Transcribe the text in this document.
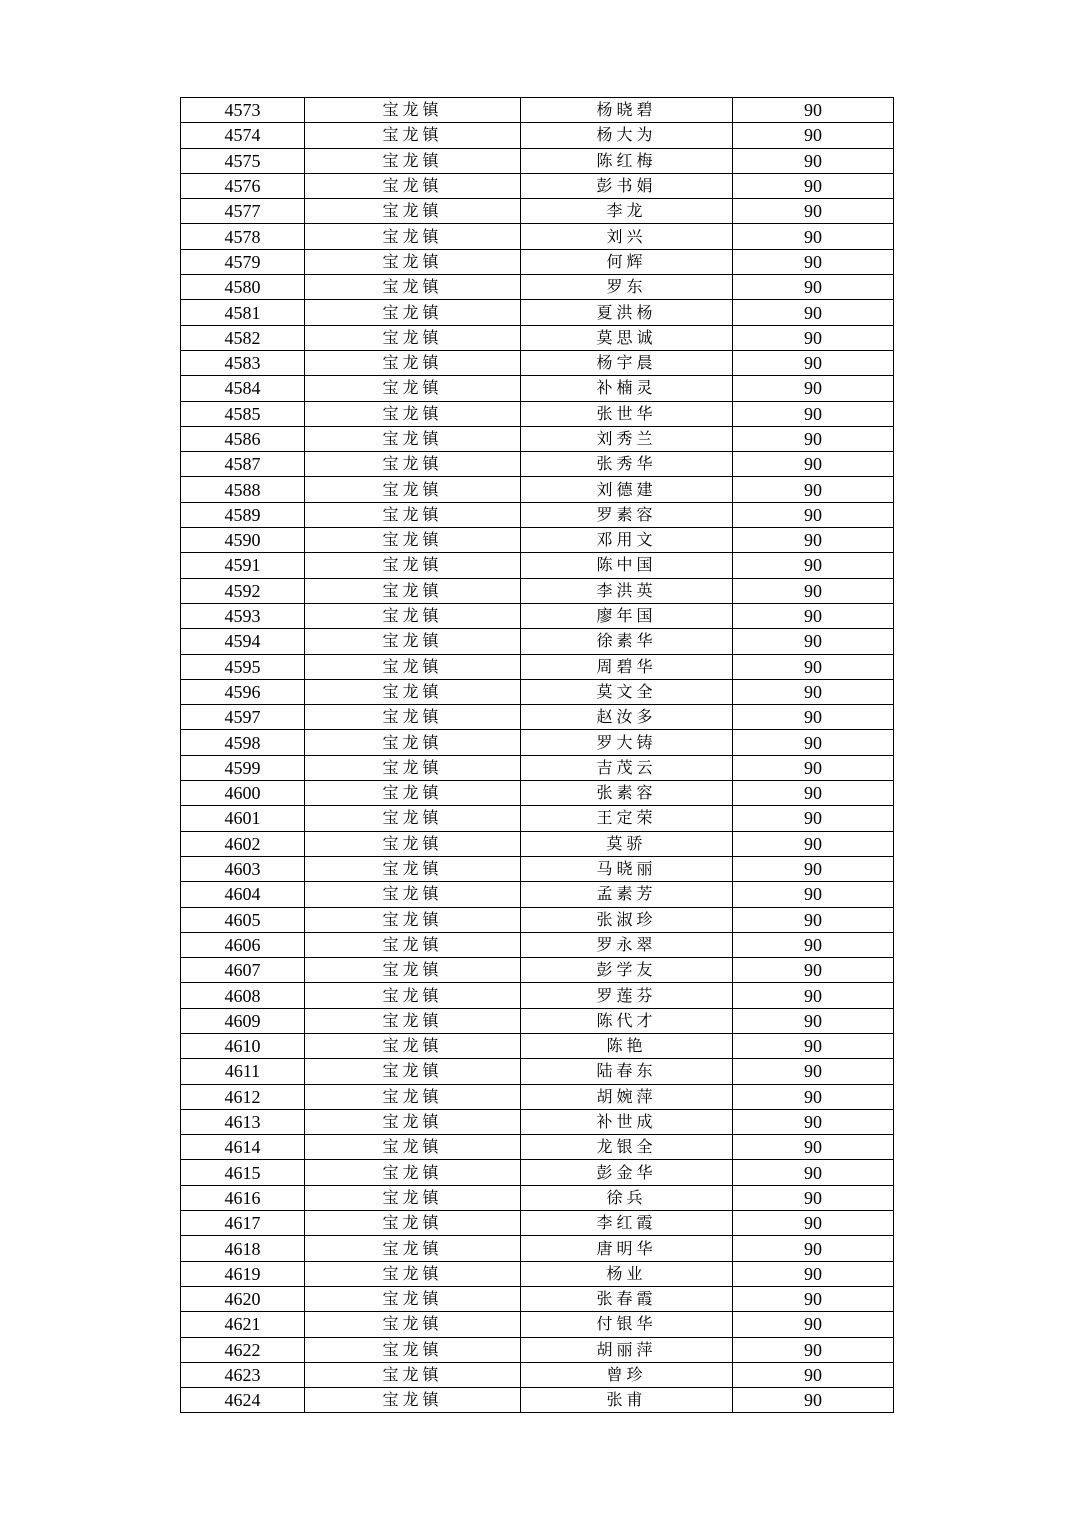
4573	宝龙镇	杨晓碧	90
4574	宝龙镇	杨大为	90
4575	宝龙镇	陈红梅	90
4576	宝龙镇	彭书娟	90
4577	宝龙镇	李龙	90
4578	宝龙镇	刘兴	90
4579	宝龙镇	何辉	90
4580	宝龙镇	罗东	90
4581	宝龙镇	夏洪杨	90
4582	宝龙镇	莫思诚	90
4583	宝龙镇	杨宇晨	90
4584	宝龙镇	补楠灵	90
4585	宝龙镇	张世华	90
4586	宝龙镇	刘秀兰	90
4587	宝龙镇	张秀华	90
4588	宝龙镇	刘德建	90
4589	宝龙镇	罗素容	90
4590	宝龙镇	邓用文	90
4591	宝龙镇	陈中国	90
4592	宝龙镇	李洪英	90
4593	宝龙镇	廖年国	90
4594	宝龙镇	徐素华	90
4595	宝龙镇	周碧华	90
4596	宝龙镇	莫文全	90
4597	宝龙镇	赵汝多	90
4598	宝龙镇	罗大铸	90
4599	宝龙镇	吉茂云	90
4600	宝龙镇	张素容	90
4601	宝龙镇	王定荣	90
4602	宝龙镇	莫骄	90
4603	宝龙镇	马晓丽	90
4604	宝龙镇	孟素芳	90
4605	宝龙镇	张淑珍	90
4606	宝龙镇	罗永翠	90
4607	宝龙镇	彭学友	90
4608	宝龙镇	罗莲芬	90
4609	宝龙镇	陈代才	90
4610	宝龙镇	陈艳	90
4611	宝龙镇	陆春东	90
4612	宝龙镇	胡婉萍	90
4613	宝龙镇	补世成	90
4614	宝龙镇	龙银全	90
4615	宝龙镇	彭金华	90
4616	宝龙镇	徐兵	90
4617	宝龙镇	李红霞	90
4618	宝龙镇	唐明华	90
4619	宝龙镇	杨业	90
4620	宝龙镇	张春霞	90
4621	宝龙镇	付银华	90
4622	宝龙镇	胡丽萍	90
4623	宝龙镇	曾珍	90
4624	宝龙镇	张甫	90
